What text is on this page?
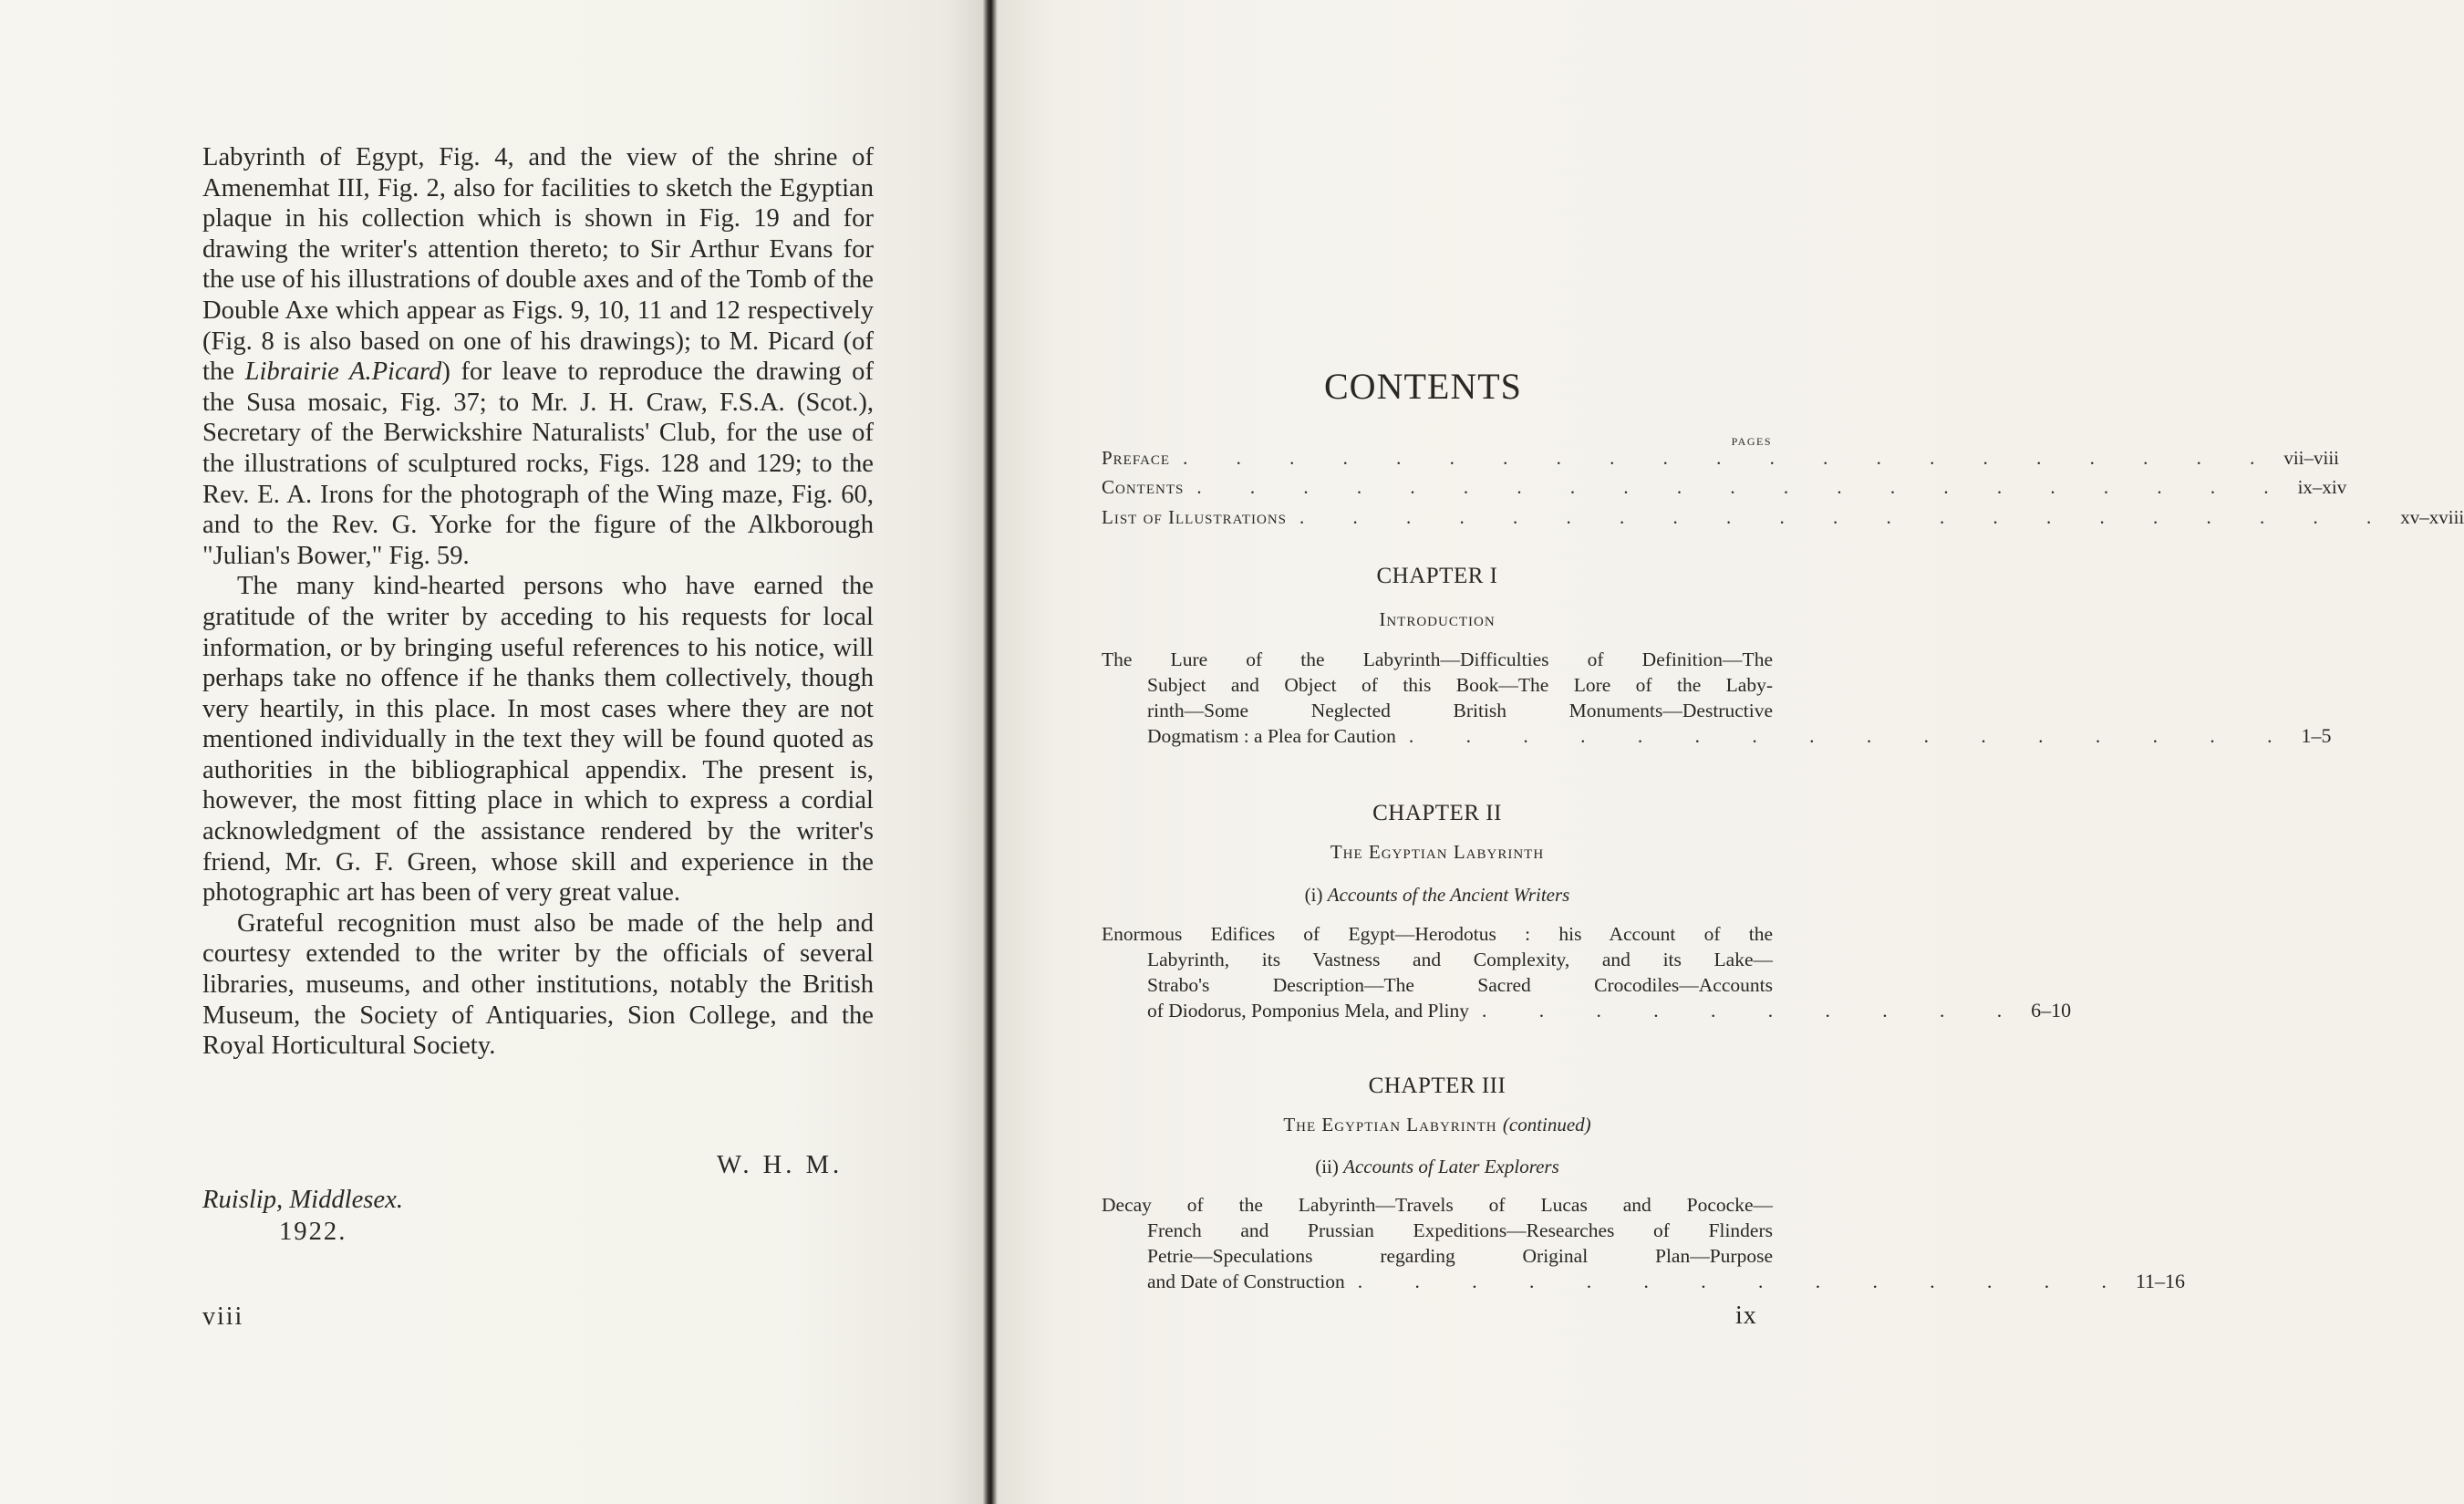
Labyrinth of Egypt, Fig. 4, and the view of the shrine of Amenemhat III, Fig. 2, also for facilities to sketch the Egyptian plaque in his collection which is shown in Fig. 19 and for drawing the writer's attention thereto; to Sir Arthur Evans for the use of his illustrations of double axes and of the Tomb of the Double Axe which appear as Figs. 9, 10, 11 and 12 respectively (Fig. 8 is also based on one of his drawings); to M. Picard (of the Librairie A.Picard) for leave to reproduce the drawing of the Susa mosaic, Fig. 37; to Mr. J. H. Craw, F.S.A. (Scot.), Secretary of the Berwickshire Naturalists' Club, for the use of the illustrations of sculptured rocks, Figs. 128 and 129; to the Rev. E. A. Irons for the photograph of the Wing maze, Fig. 60, and to the Rev. G. Yorke for the figure of the Alkborough "Julian's Bower," Fig. 59.

The many kind-hearted persons who have earned the gratitude of the writer by acceding to his requests for local information, or by bringing useful references to his notice, will perhaps take no offence if he thanks them collectively, though very heartily, in this place. In most cases where they are not mentioned individually in the text they will be found quoted as authorities in the bibliographical appendix. The present is, however, the most fitting place in which to express a cordial acknowledgment of the assistance rendered by the writer's friend, Mr. G. F. Green, whose skill and experience in the photographic art has been of very great value.

Grateful recognition must also be made of the help and courtesy extended to the writer by the officials of several libraries, museums, and other institutions, notably the British Museum, the Society of Antiquaries, Sion College, and the Royal Horticultural Society.

W. H. M.
Ruislip, Middlesex.
1922.
viii
CONTENTS
PAGES
Preface . . . . . . . . . . . . . . . . . . . . . vii–viii
Contents . . . . . . . . . . . . . . . . . . . . . ix–xiv
List of Illustrations . . . . . . . . . . . . . . . . . . . . . xv–xviii
CHAPTER I
Introduction
The Lure of the Labyrinth—Difficulties of Definition—The
Subject and Object of this Book—The Lore of the Laby-
rinth—Some Neglected British Monuments—Destructive
Dogmatism : a Plea for Caution . . . . . . . . . . . . . . . . 1–5
CHAPTER II
The Egyptian Labyrinth
(i) Accounts of the Ancient Writers
Enormous Edifices of Egypt—Herodotus : his Account of the
Labyrinth, its Vastness and Complexity, and its Lake—
Strabo's Description—The Sacred Crocodiles—Accounts
of Diodorus, Pomponius Mela, and Pliny . . . . . . . . . . 6–10
CHAPTER III
The Egyptian Labyrinth (continued)
(ii) Accounts of Later Explorers
Decay of the Labyrinth—Travels of Lucas and Pococke—
French and Prussian Expeditions—Researches of Flinders
Petrie—Speculations regarding Original Plan—Purpose
and Date of Construction . . . . . . . . . . . . . . 11–16
ix
